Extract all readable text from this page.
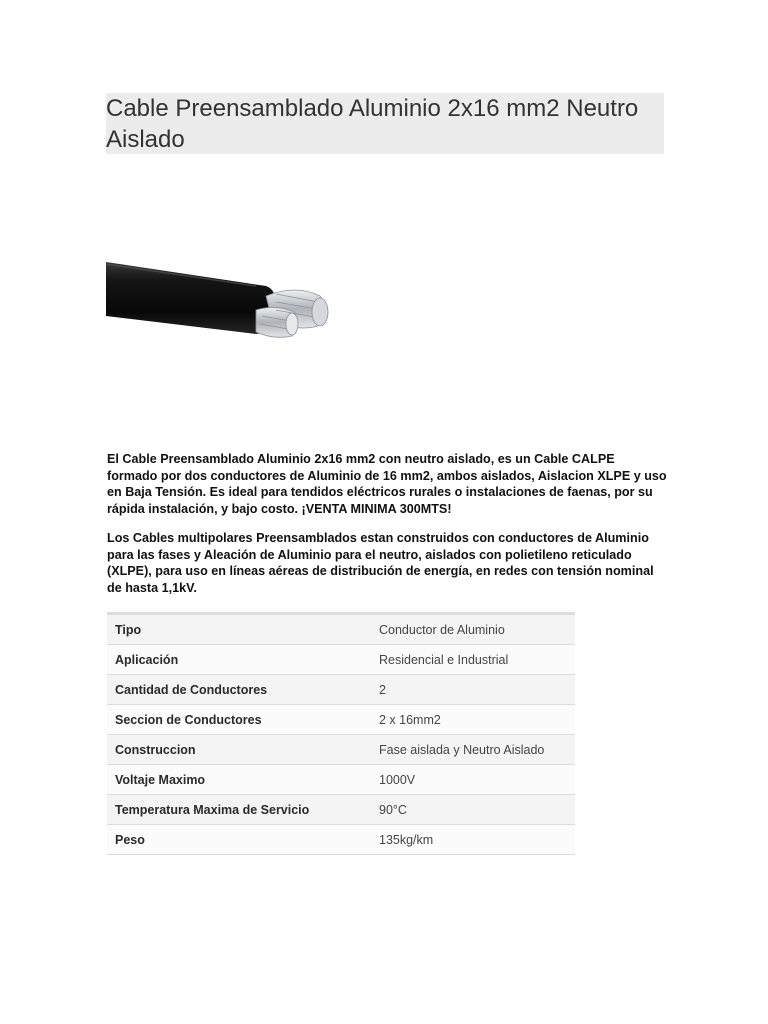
Cable Preensamblado Aluminio 2x16 mm2 Neutro Aislado

El Cable Preensamblado Aluminio 2x16 mm2 con neutro aislado, es un Cable CALPE formado por dos conductores de Aluminio de 16 mm2, ambos aislados, Aislacion XLPE y uso en Baja Tensión. Es ideal para tendidos eléctricos rurales o instalaciones de faenas, por su rápida instalación, y bajo costo. ¡VENTA MINIMA 300MTS!

Los Cables multipolares Preensamblados estan construidos con conductores de Aluminio para las fases y Aleación de Aluminio para el neutro, aislados con polietileno reticulado (XLPE), para uso en líneas aéreas de distribución de energía, en redes con tensión nominal de hasta 1,1kV.

Tipo	Conductor de Aluminio
Aplicación	Residencial e Industrial
Cantidad de Conductores	2
Seccion de Conductores	2 x 16mm2
Construccion	Fase aislada y Neutro Aislado
Voltaje Maximo	1000V
Temperatura Maxima de Servicio	90°C
Peso	135kg/km
